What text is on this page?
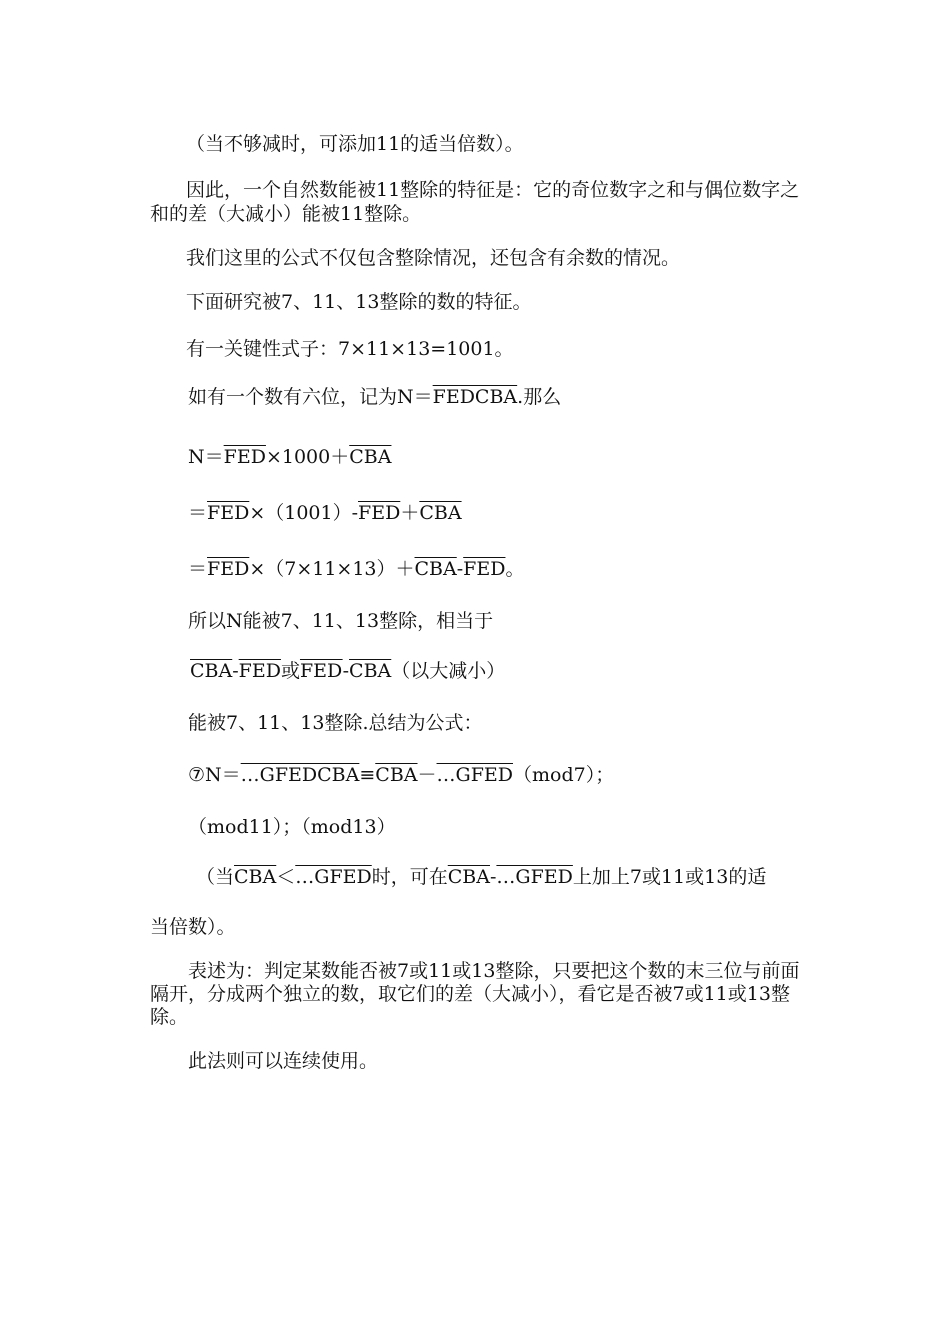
（当不够减时，可添加11的适当倍数）。
因此，一个自然数能被11整除的特征是：它的奇位数字之和与偶位数字之
和的差（大减小）能被11整除。
我们这里的公式不仅包含整除情况，还包含有余数的情况。
下面研究被7、11、13整除的数的特征。
有一关键性式子：7×11×13=1001。
如有一个数有六位，记为N＝FEDCBA.那么
$N=\overline{FED}\times 1000+\overline{CBA}$
$=\overline{FED}\times(1001)-\overline{FED}+\overline{CBA}$
$=\overline{FED}\times(7\times 11\times 13)+\overline{CBA}-\overline{FED}$。
所以N能被7、11、13整除，相当于
$\overline{CBA}-\overline{FED}$或$\overline{FED}-\overline{CBA}$（以大减小）
能被7、11、13整除.总结为公式：
$⑦N=\dots GFEDCBA\equiv\overline{CBA}-\dots GFED(mod7)$；
（mod11）；（mod13）
（当$\overline{CBA}<\dots GFED$时，可在$\overline{CBA}-\dots GFED$上加上7或11或13的适
当倍数）。
表述为：判定某数能否被7或11或13整除，只要把这个数的末三位与前面隔开，分成两个独立的数，取它们的差（大减小），看它是否被7或11或13整除。
此法则可以连续使用。
